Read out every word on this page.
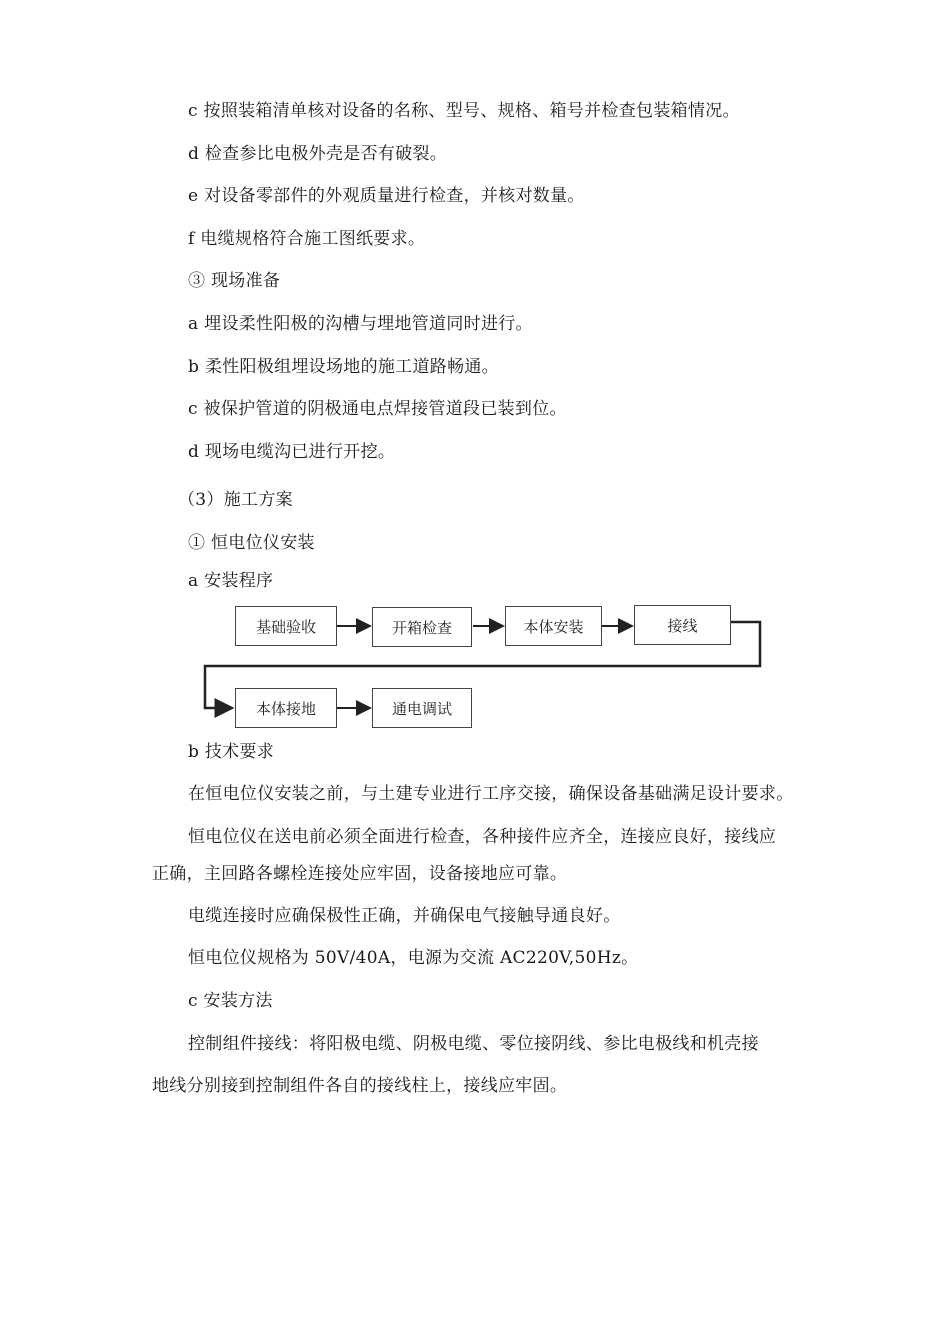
c 按照装箱清单核对设备的名称、型号、规格、箱号并检查包装箱情况。
d 检查参比电极外壳是否有破裂。
e 对设备零部件的外观质量进行检查，并核对数量。
f 电缆规格符合施工图纸要求。
③ 现场准备
a 埋设柔性阳极的沟槽与埋地管道同时进行。
b 柔性阳极组埋设场地的施工道路畅通。
c 被保护管道的阴极通电点焊接管道段已装到位。
d 现场电缆沟已进行开挖。
（3）施工方案
① 恒电位仪安装
a 安装程序
基础验收	开箱检查	本体安装	接线
本体接地	通电调试
b 技术要求
在恒电位仪安装之前，与土建专业进行工序交接，确保设备基础满足设计要求。
恒电位仪在送电前必须全面进行检查，各种接件应齐全，连接应良好，接线应
正确，主回路各螺栓连接处应牢固，设备接地应可靠。
电缆连接时应确保极性正确，并确保电气接触导通良好。
恒电位仪规格为 50V/40A，电源为交流 AC220V,50Hz。
c 安装方法
控制组件接线：将阳极电缆、阴极电缆、零位接阴线、参比电极线和机壳接
地线分别接到控制组件各自的接线柱上，接线应牢固。
